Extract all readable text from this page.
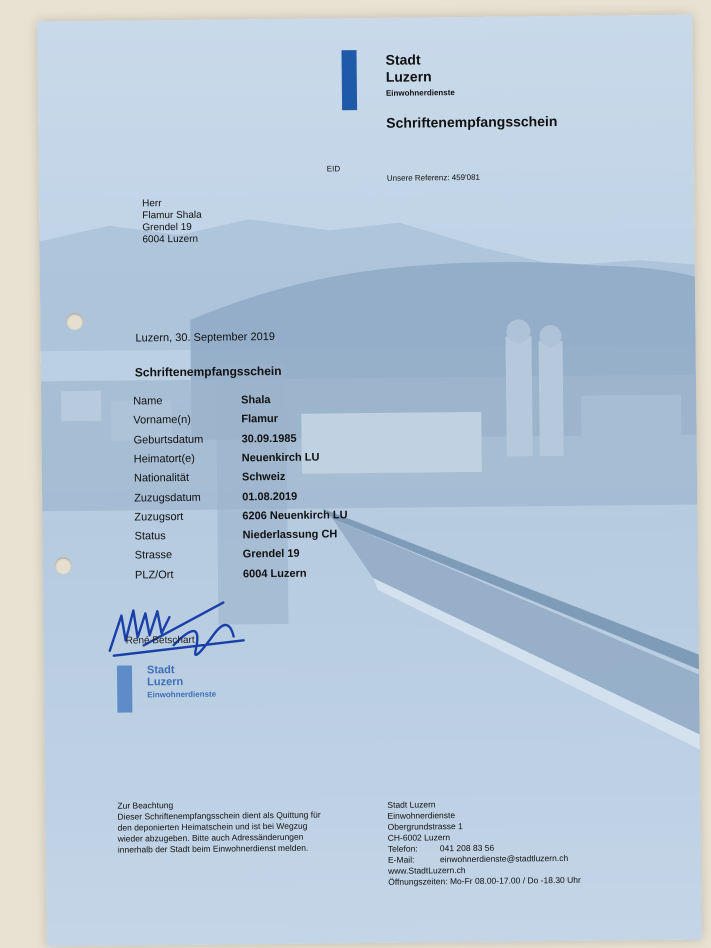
Stadt
Luzern
Einwohnerdienste
Schriftenempfangsschein
EID
Unsere Referenz: 459'081
Herr
Flamur Shala
Grendel 19
6004 Luzern
Luzern, 30. September 2019
Schriftenempfangsschein
Name	Shala
Vorname(n)	Flamur
Geburtsdatum	30.09.1985
Heimatort(e)	Neuenkirch LU
Nationalität	Schweiz
Zuzugsdatum	01.08.2019
Zuzugsort	6206 Neuenkirch LU
Status	Niederlassung CH
Strasse	Grendel 19
PLZ/Ort	6004 Luzern
René Betschart
Stadt
Luzern
Einwohnerdienste
Zur Beachtung
Dieser Schriftenempfangsschein dient als Quittung für
den deponierten Heimatschein und ist bei Wegzug
wieder abzugeben. Bitte auch Adressänderungen
innerhalb der Stadt beim Einwohnerdienst melden.
Stadt Luzern
Einwohnerdienste
Obergrundstrasse 1
CH-6002 Luzern
Telefon:	041 208 83 56
E-Mail:	einwohnerdienste@stadtluzern.ch
www.StadtLuzern.ch
Öffnungszeiten: Mo-Fr 08.00-17.00 / Do -18.30 Uhr
